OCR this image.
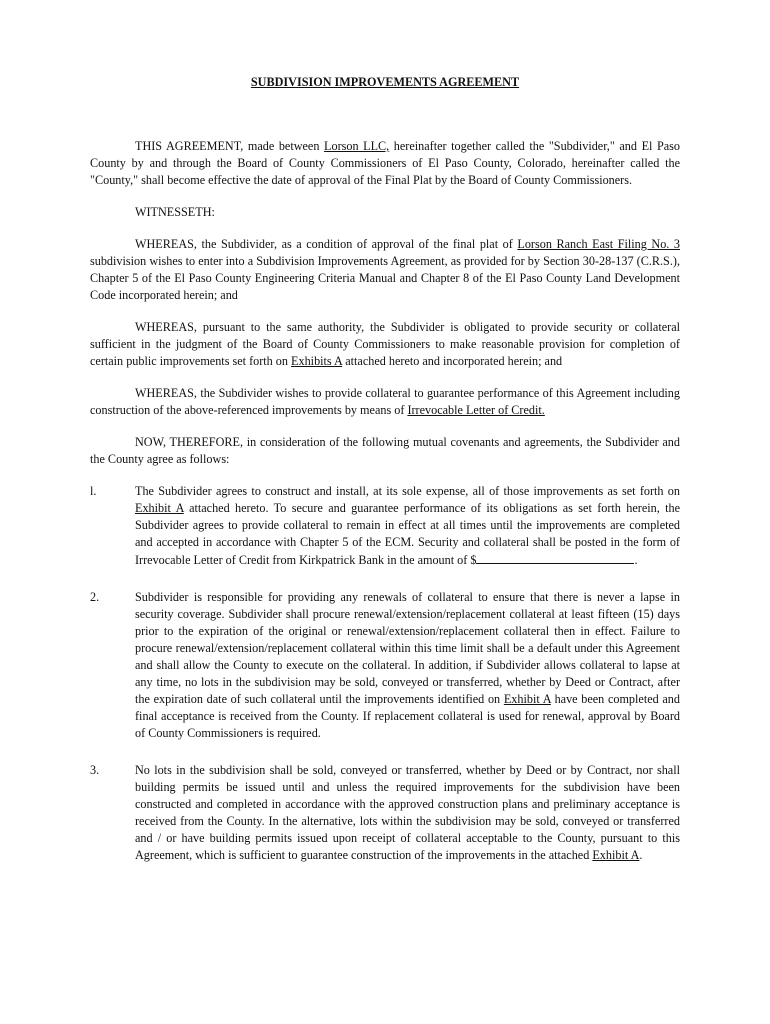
SUBDIVISION IMPROVEMENTS AGREEMENT

THIS AGREEMENT, made between Lorson LLC, hereinafter together called the "Subdivider," and El Paso County by and through the Board of County Commissioners of El Paso County, Colorado, hereinafter called the "County," shall become effective the date of approval of the Final Plat by the Board of County Commissioners.

WITNESSETH:

WHEREAS, the Subdivider, as a condition of approval of the final plat of Lorson Ranch East Filing No. 3 subdivision wishes to enter into a Subdivision Improvements Agreement, as provided for by Section 30-28-137 (C.R.S.), Chapter 5 of the El Paso County Engineering Criteria Manual and Chapter 8 of the El Paso County Land Development Code incorporated herein; and

WHEREAS, pursuant to the same authority, the Subdivider is obligated to provide security or collateral sufficient in the judgment of the Board of County Commissioners to make reasonable provision for completion of certain public improvements set forth on Exhibits A attached hereto and incorporated herein; and

WHEREAS, the Subdivider wishes to provide collateral to guarantee performance of this Agreement including construction of the above-referenced improvements by means of Irrevocable Letter of Credit.

NOW, THEREFORE, in consideration of the following mutual covenants and agreements, the Subdivider and the County agree as follows:

l.	The Subdivider agrees to construct and install, at its sole expense, all of those improvements as set forth on Exhibit A attached hereto. To secure and guarantee performance of its obligations as set forth herein, the Subdivider agrees to provide collateral to remain in effect at all times until the improvements are completed and accepted in accordance with Chapter 5 of the ECM. Security and collateral shall be posted in the form of Irrevocable Letter of Credit from Kirkpatrick Bank in the amount of $	.
2.	Subdivider is responsible for providing any renewals of collateral to ensure that there is never a lapse in security coverage. Subdivider shall procure renewal/extension/replacement collateral at least fifteen (15) days prior to the expiration of the original or renewal/extension/replacement collateral then in effect. Failure to procure renewal/extension/replacement collateral within this time limit shall be a default under this Agreement and shall allow the County to execute on the collateral. In addition, if Subdivider allows collateral to lapse at any time, no lots in the subdivision may be sold, conveyed or transferred, whether by Deed or Contract, after the expiration date of such collateral until the improvements identified on Exhibit A have been completed and final acceptance is received from the County. If replacement collateral is used for renewal, approval by Board of County Commissioners is required.
3.	No lots in the subdivision shall be sold, conveyed or transferred, whether by Deed or by Contract, nor shall building permits be issued until and unless the required improvements for the subdivision have been constructed and completed in accordance with the approved construction plans and preliminary acceptance is received from the County. In the alternative, lots within the subdivision may be sold, conveyed or transferred and / or have building permits issued upon receipt of collateral acceptable to the County, pursuant to this Agreement, which is sufficient to guarantee construction of the improvements in the attached Exhibit A.
